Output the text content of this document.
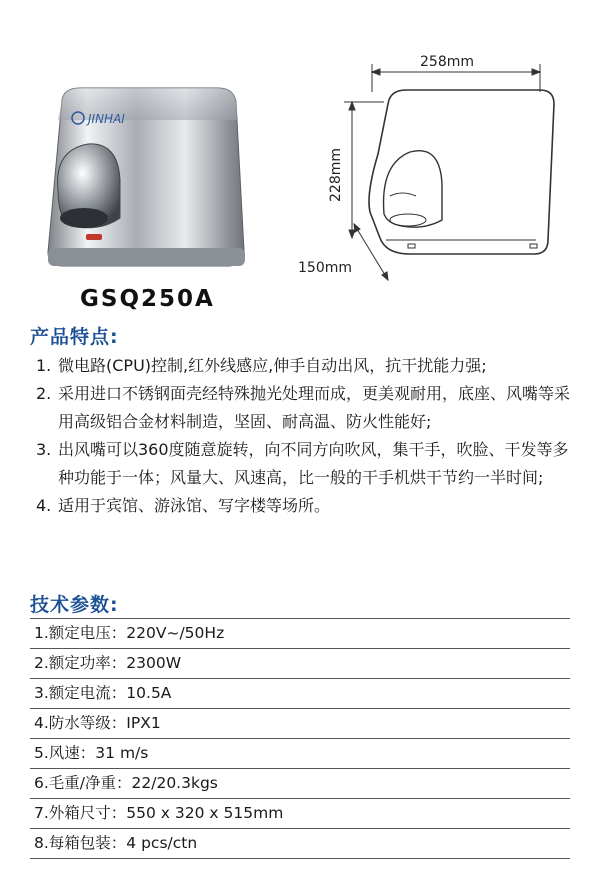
JINHAI
GSQ250A
258mm
228mm
150mm
产品特点:
1. 微电路(CPU)控制,红外线感应,伸手自动出风，抗干扰能力强;
2. 采用进口不锈钢面壳经特殊抛光处理而成，更美观耐用，底座、风嘴等采用高级铝合金材料制造，坚固、耐高温、防火性能好;
3. 出风嘴可以360度随意旋转，向不同方向吹风，集干手，吹脸、干发等多种功能于一体；风量大、风速高，比一般的干手机烘干节约一半时间;
4. 适用于宾馆、游泳馆、写字楼等场所。
技术参数:
1.额定电压：220V~/50Hz
2.额定功率：2300W
3.额定电流：10.5A
4.防水等级：IPX1
5.风速：31 m/s
6.毛重/净重：22/20.3kgs
7.外箱尺寸：550 x 320 x 515mm
8.每箱包装：4 pcs/ctn
